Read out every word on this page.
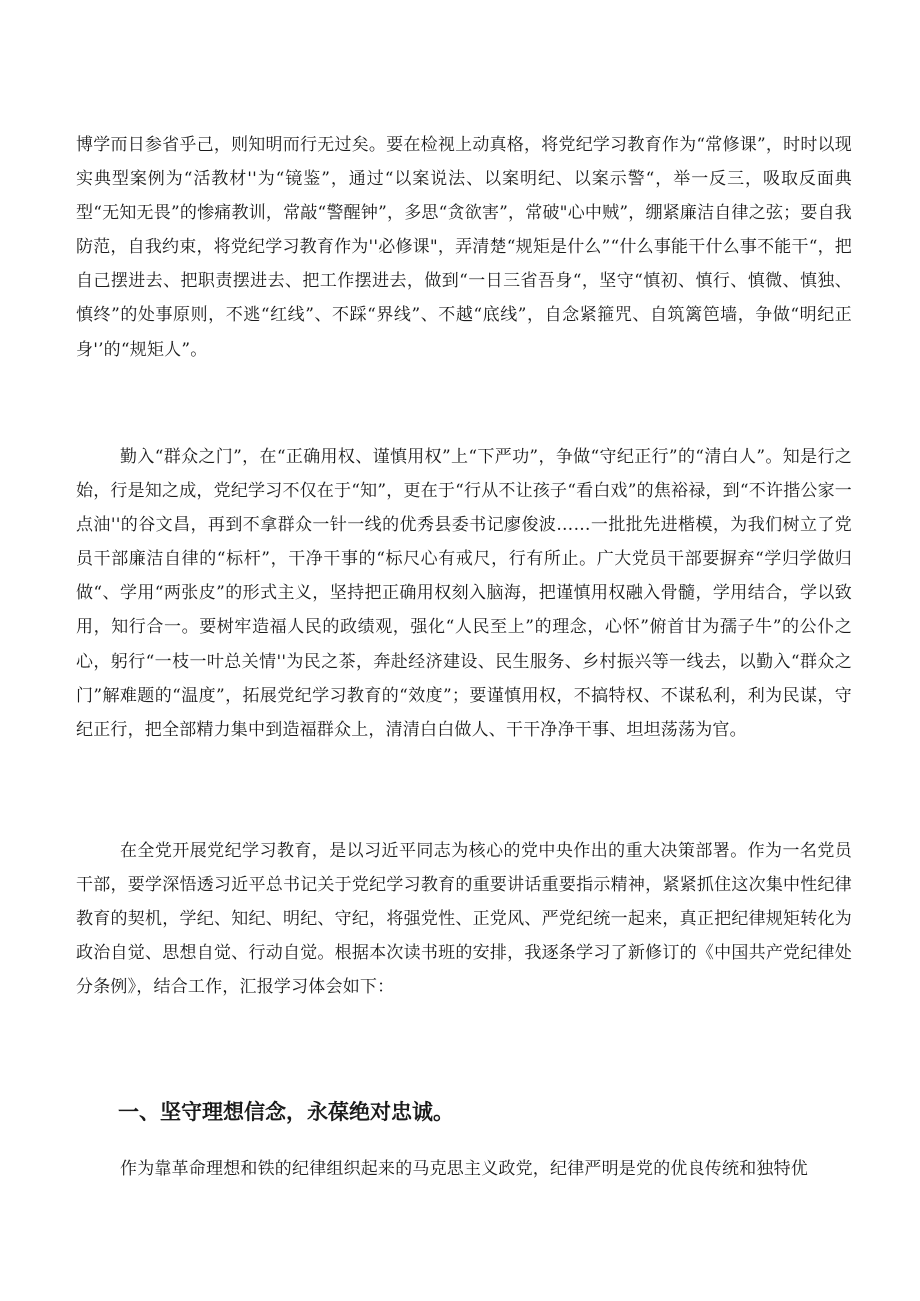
博学而日参省乎己，则知明而行无过矣。要在检视上动真格，将党纪学习教育作为“常修课”，时时以现实典型案例为“活教材''为“镜鉴”，通过“以案说法、以案明纪、以案示警“，举一反三，吸取反面典型“无知无畏”的惨痛教训，常敲“警醒钟”，多思“贪欲害”，常破"心中贼”，绷紧廉洁自律之弦；要自我防范，自我约束，将党纪学习教育作为''必修课"，弄清楚“规矩是什么”“什么事能干什么事不能干“，把自己摆进去、把职责摆进去、把工作摆进去，做到“一日三省吾身“，坚守“慎初、慎行、慎微、慎独、慎终”的处事原则，不逃“红线”、不踩“界线”、不越“底线”，自念紧箍咒、自筑篱笆墙，争做“明纪正身'’的“规矩人”。

勤入“群众之门”，在“正确用权、谨慎用权”上“下严功”，争做“守纪正行”的“清白人”。知是行之始，行是知之成，党纪学习不仅在于“知”，更在于“行从不让孩子“看白戏”的焦裕禄，到“不许揩公家一点油''的谷文昌，再到不拿群众一针一线的优秀县委书记廖俊波……一批批先进楷模，为我们树立了党员干部廉洁自律的“标杆”，干净干事的“标尺心有戒尺，行有所止。广大党员干部要摒弃“学归学做归做“、学用“两张皮”的形式主义，坚持把正确用权刻入脑海，把谨慎用权融入骨髓，学用结合，学以致用，知行合一。要树牢造福人民的政绩观，强化“人民至上”的理念，心怀”俯首甘为孺子牛”的公仆之心，躬行“一枝一叶总关情''为民之茶，奔赴经济建设、民生服务、乡村振兴等一线去，以勤入“群众之门”解难题的“温度”，拓展党纪学习教育的“效度”；要谨慎用权，不搞特权、不谋私利，利为民谋，守纪正行，把全部精力集中到造福群众上，清清白白做人、干干净净干事、坦坦荡荡为官。

在全党开展党纪学习教育，是以习近平同志为核心的党中央作出的重大决策部署。作为一名党员干部，要学深悟透习近平总书记关于党纪学习教育的重要讲话重要指示精神，紧紧抓住这次集中性纪律教育的契机，学纪、知纪、明纪、守纪，将强党性、正党风、严党纪统一起来，真正把纪律规矩转化为政治自觉、思想自觉、行动自觉。根据本次读书班的安排，我逐条学习了新修订的《中国共产党纪律处分条例》，结合工作，汇报学习体会如下：

一、坚守理想信念，永葆绝对忠诚。

作为靠革命理想和铁的纪律组织起来的马克思主义政党，纪律严明是党的优良传统和独特优
